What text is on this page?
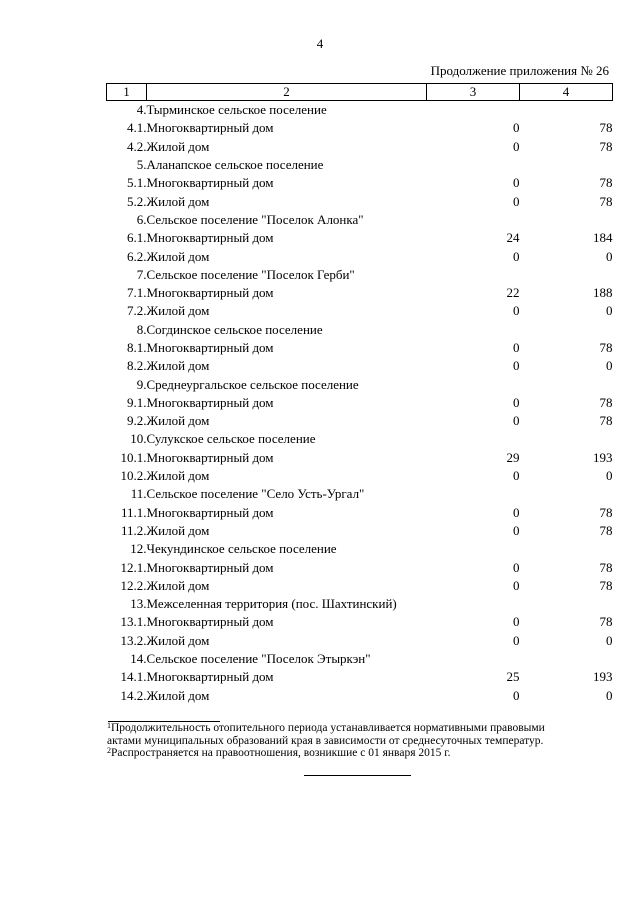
4
Продолжение приложения № 26
1	2	3	4
4.	Тырминское сельское поселение		
4.1.	Многоквартирный дом	0	78
4.2.	Жилой дом	0	78
5.	Аланапское сельское поселение		
5.1.	Многоквартирный дом	0	78
5.2.	Жилой дом	0	78
6.	Сельское поселение "Поселок Алонка"		
6.1.	Многоквартирный дом	24	184
6.2.	Жилой дом	0	0
7.	Сельское поселение "Поселок Герби"		
7.1.	Многоквартирный дом	22	188
7.2.	Жилой дом	0	0
8.	Согдинское сельское поселение		
8.1.	Многоквартирный дом	0	78
8.2.	Жилой дом	0	0
9.	Среднеургальское сельское поселение		
9.1.	Многоквартирный дом	0	78
9.2.	Жилой дом	0	78
10.	Сулукское сельское поселение		
10.1.	Многоквартирный дом	29	193
10.2.	Жилой дом	0	0
11.	Сельское поселение "Село Усть-Ургал"		
11.1.	Многоквартирный дом	0	78
11.2.	Жилой дом	0	78
12.	Чекундинское сельское поселение		
12.1.	Многоквартирный дом	0	78
12.2.	Жилой дом	0	78
13.	Межселенная территория (пос. Шахтинский)		
13.1.	Многоквартирный дом	0	78
13.2.	Жилой дом	0	0
14.	Сельское поселение "Поселок Этыркэн"		
14.1.	Многоквартирный дом	25	193
14.2.	Жилой дом	0	0
$^1$Продолжительность отопительного периода устанавливается нормативными правовыми
актами муниципальных образований края в зависимости от среднесуточных температур.
$^2$Распространяется на правоотношения, возникшие с 01 января 2015 г.
